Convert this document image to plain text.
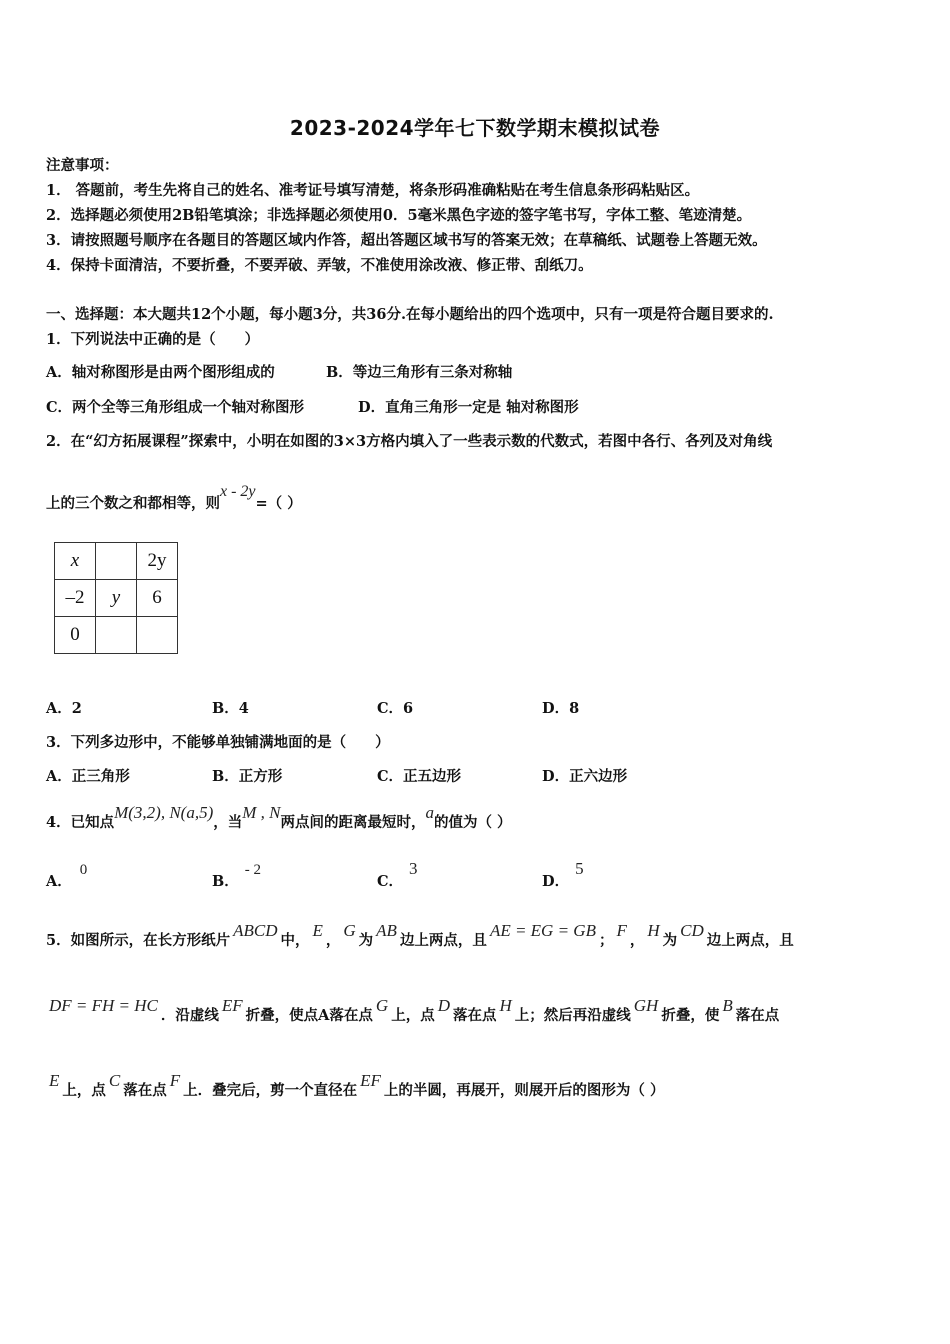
2023-2024学年七下数学期末模拟试卷
注意事项：
1． 答题前，考生先将自己的姓名、准考证号填写清楚，将条形码准确粘贴在考生信息条形码粘贴区。
2．选择题必须使用2B铅笔填涂；非选择题必须使用0．5毫米黑色字迹的签字笔书写，字体工整、笔迹清楚。
3．请按照题号顺序在各题目的答题区域内作答，超出答题区域书写的答案无效；在草稿纸、试题卷上答题无效。
4．保持卡面清洁，不要折叠，不要弄破、弄皱，不准使用涂改液、修正带、刮纸刀。
一、选择题：本大题共12个小题，每小题3分，共36分.在每小题给出的四个选项中，只有一项是符合题目要求的.
1．下列说法中正确的是（　　）
A．轴对称图形是由两个图形组成的	B．等边三角形有三条对称轴
C．两个全等三角形组成一个轴对称图形	D．直角三角形一定是 轴对称图形
2．在“幻方拓展课程”探索中，小明在如图的3×3方格内填入了一些表示数的代数式，若图中各行、各列及对角线
上的三个数之和都相等，则x - 2y=（ ）
x		2y
–2	y	6
0		
A．2	B．4	C．6	D．8
3．下列多边形中，不能够单独铺满地面的是（　　）
A．正三角形	B．正方形	C．正五边形	D．正六边形
4．已知点M(3,2), N(a,5)，当M , N两点间的距离最短时，a的值为（ ）
A．0
B．- 2
C．3
D．5
5．如图所示，在长方形纸片ABCD中，E，G为AB边上两点，且AE = EG = GB；F，H为CD边上两点，且
DF = FH = HC．沿虚线EF折叠，使点A落在点G上，点D落在点H上；然后再沿虚线GH折叠，使B落在点
E上，点C落在点F上．叠完后，剪一个直径在EF上的半圆，再展开，则展开后的图形为（ ）
